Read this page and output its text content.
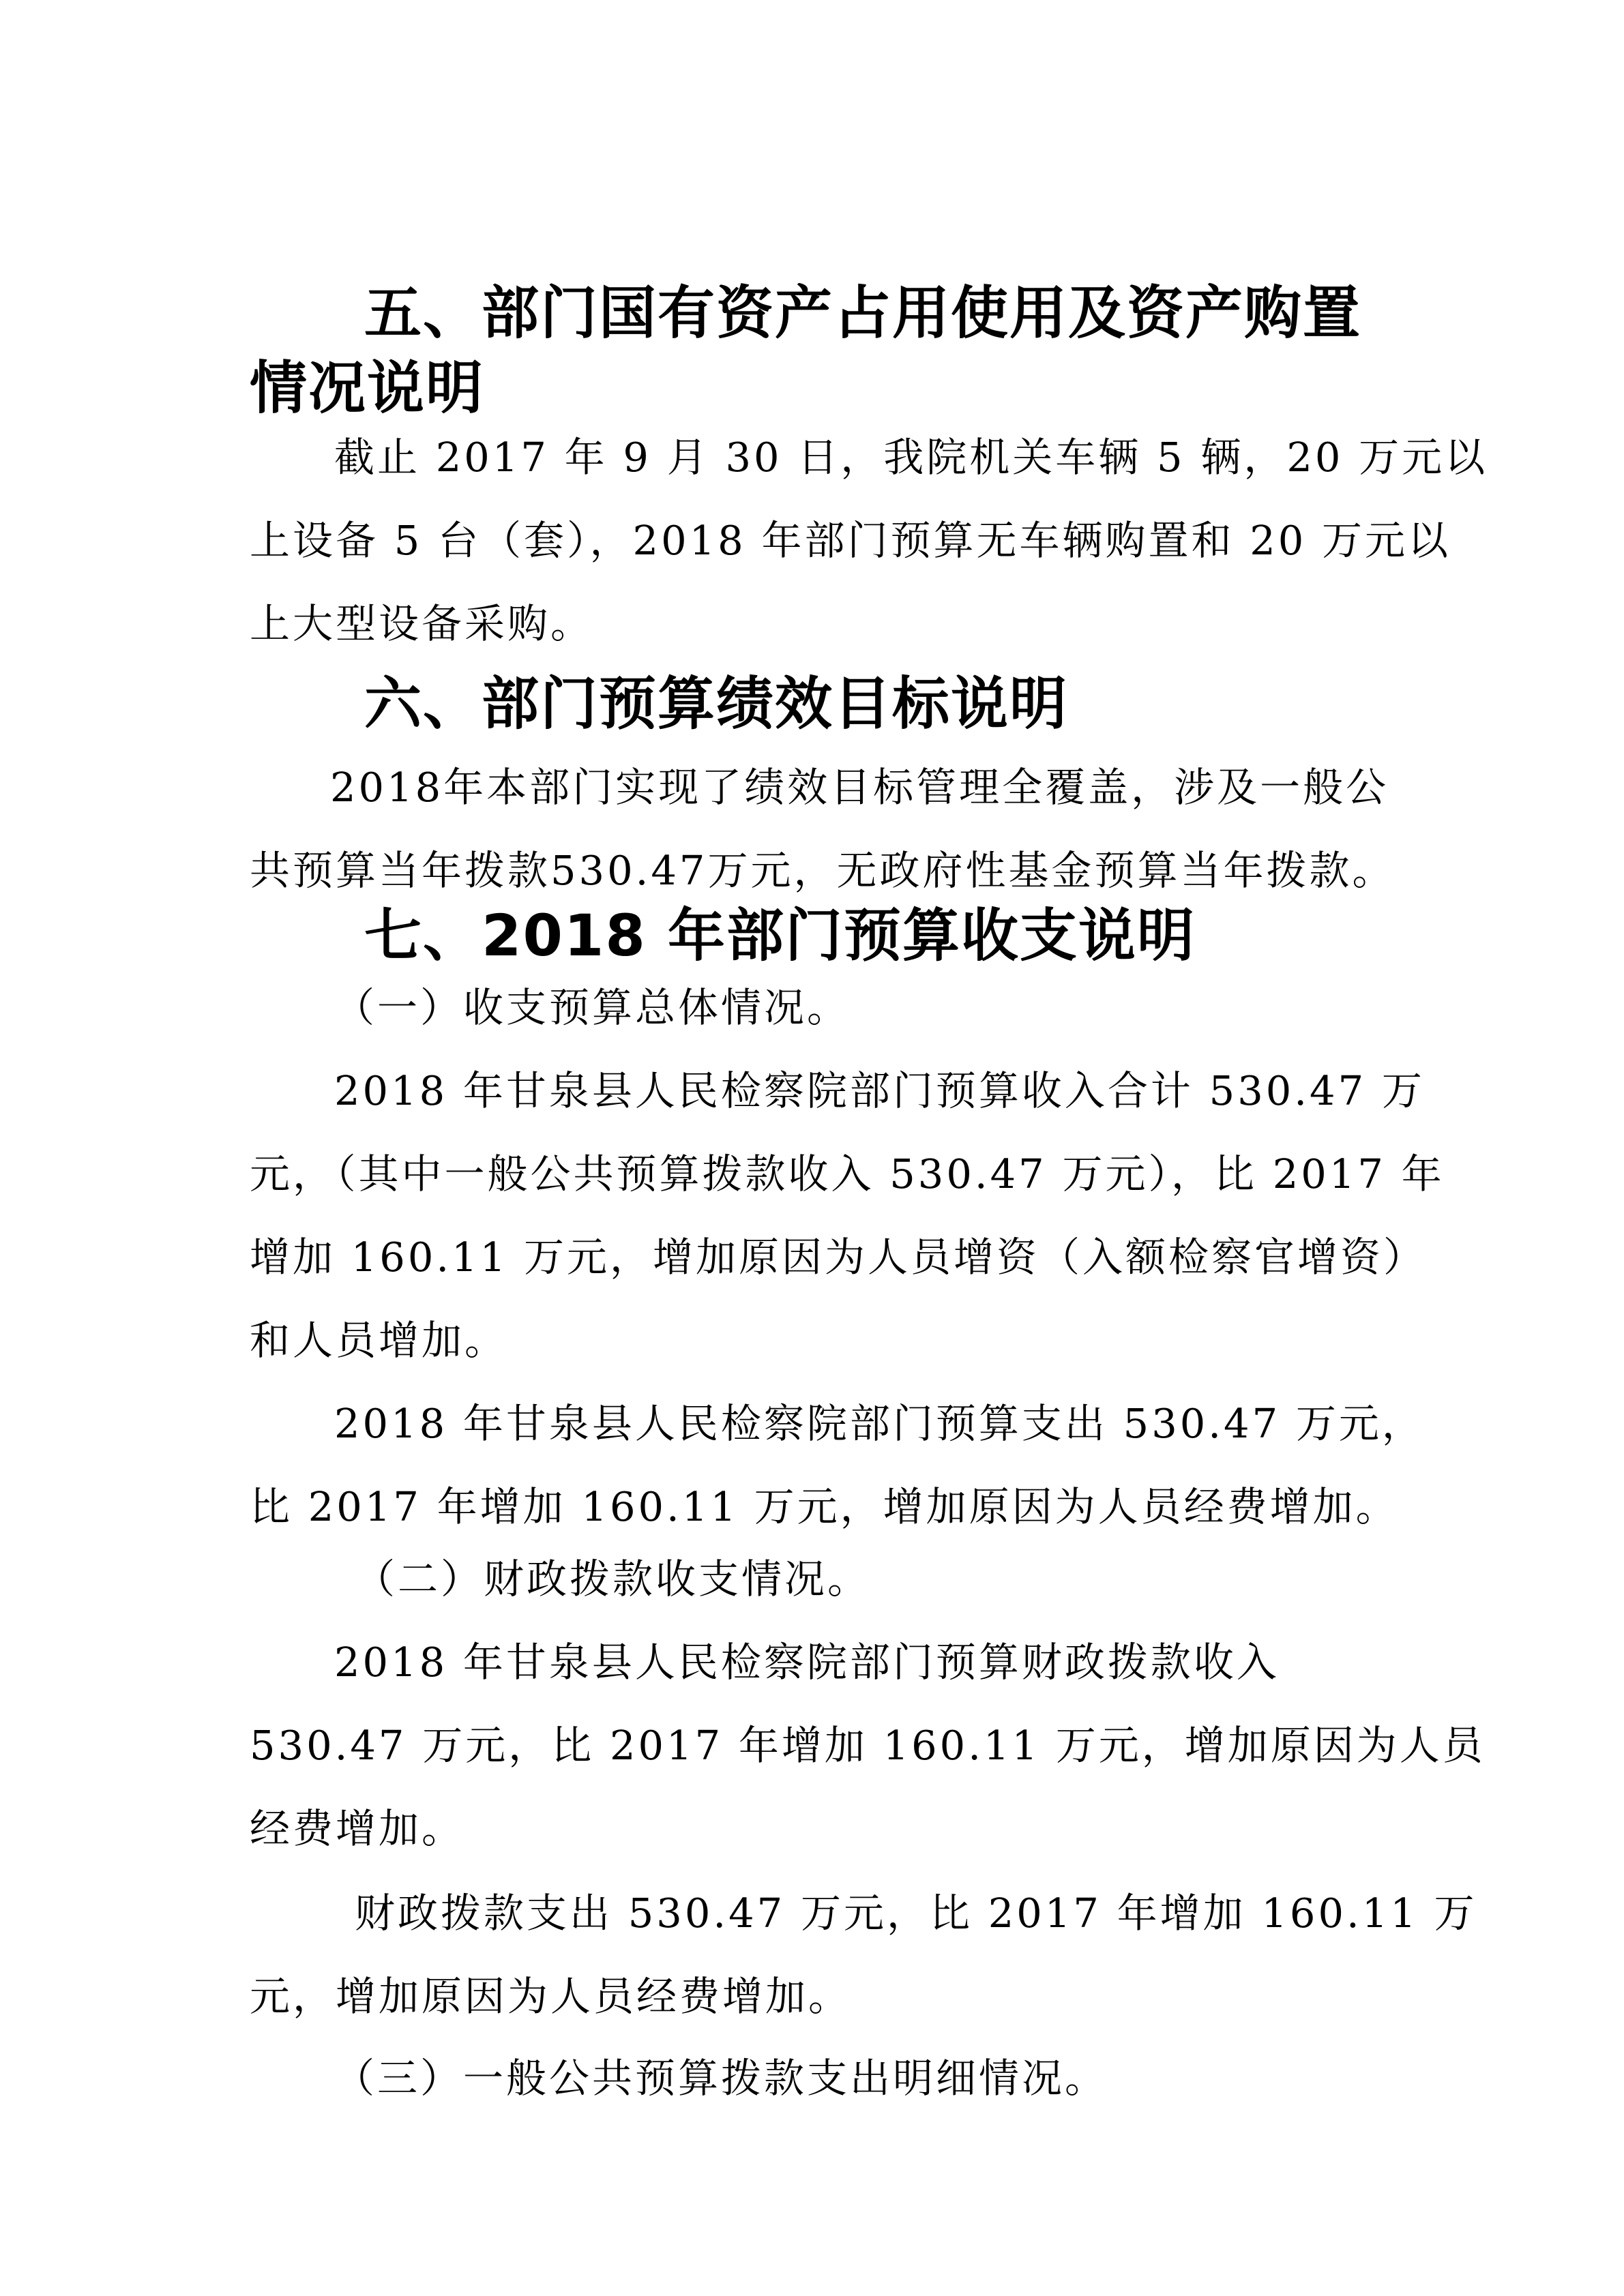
五、部门国有资产占用使用及资产购置
情况说明
截止 2017 年 9 月 30 日，我院机关车辆 5 辆，20 万元以
上设备 5 台（套），2018 年部门预算无车辆购置和 20 万元以
上大型设备采购。
六、部门预算绩效目标说明
2018年本部门实现了绩效目标管理全覆盖，涉及一般公
共预算当年拨款530.47万元，无政府性基金预算当年拨款。
七、2018 年部门预算收支说明
（一）收支预算总体情况。
2018 年甘泉县人民检察院部门预算收入合计 530.47 万
元，（其中一般公共预算拨款收入 530.47 万元），比 2017 年
增加 160.11 万元，增加原因为人员增资（入额检察官增资）
和人员增加。
2018 年甘泉县人民检察院部门预算支出 530.47 万元，
比 2017 年增加 160.11 万元，增加原因为人员经费增加。
（二）财政拨款收支情况。
2018 年甘泉县人民检察院部门预算财政拨款收入
530.47 万元，比 2017 年增加 160.11 万元，增加原因为人员
经费增加。
财政拨款支出 530.47 万元，比 2017 年增加 160.11 万
元，增加原因为人员经费增加。
（三）一般公共预算拨款支出明细情况。
